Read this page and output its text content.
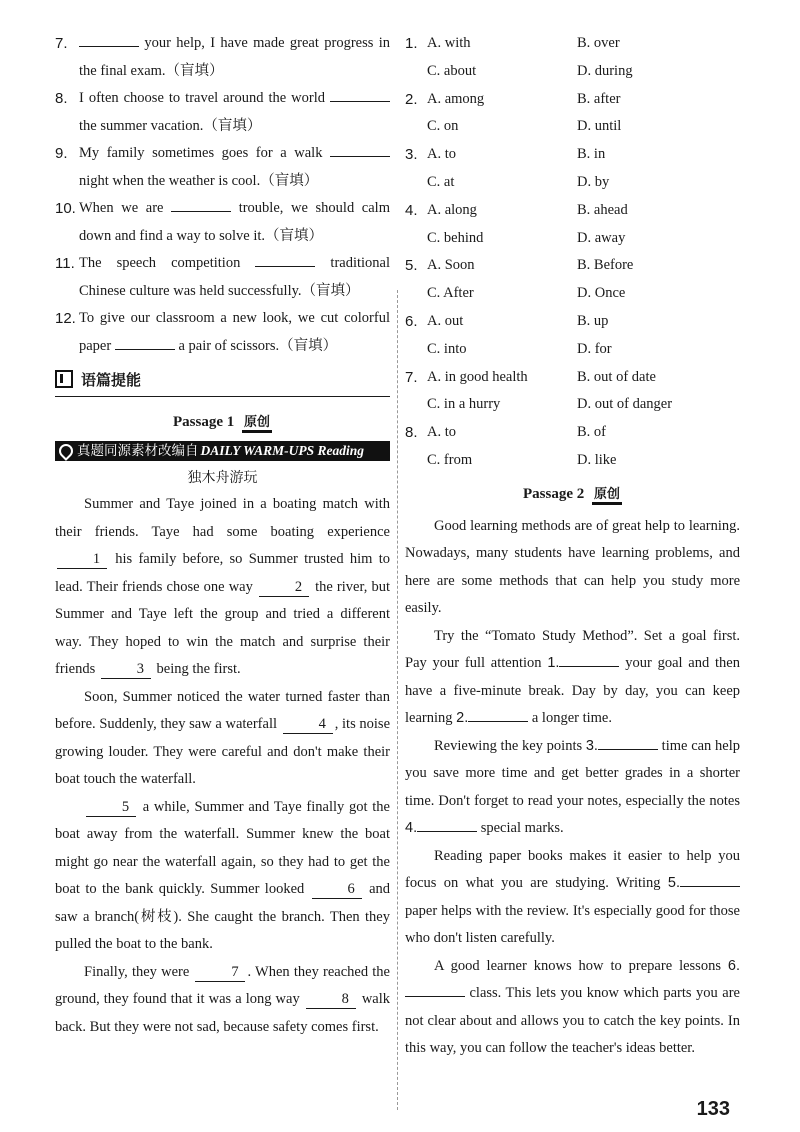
7.	your help, I have made great progress in the final exam.（盲填）
8. I often choose to travel around the world  the summer vacation.（盲填）
9. My family sometimes goes for a walk  night when the weather is cool.（盲填）
10. When we are	trouble, we should calm down and find a way to solve it.（盲填）
11. The speech competition	traditional Chinese culture was held successfully.（盲填）
12. To give our classroom a new look, we cut colorful paper	a pair of scissors.（盲填）
语篇提能
Passage 1 原创
真题同源素材改编自 DAILY WARM-UPS Reading
独木舟游玩

Summer and Taye joined in a boating match with their friends. Taye had some boating experience 1 his family before, so Summer trusted him to lead. Their friends chose one way	2 the river, but Summer and Taye left the group and tried a different way. They hoped to win the match and surprise their friends	3 being the first.

Soon, Summer noticed the water turned faster than before. Suddenly, they saw a waterfall	4 , its noise growing louder. They were careful and don't make their boat touch the waterfall.

5 a while, Summer and Taye finally got the boat away from the waterfall. Summer knew the boat might go near the waterfall again, so they had to get the boat to the bank quickly. Summer looked	6 and saw a branch(树枝). She caught the branch. Then they pulled the boat to the bank.

Finally, they were	7 . When they reached the ground, they found that it was a long way	8 walk back. But they were not sad, because safety comes first.

1. A. with	B. over
C. about	D. during
2. A. among	B. after
C. on	D. until
3. A. to	B. in
C. at	D. by
4. A. along	B. ahead
C. behind	D. away
5. A. Soon	B. Before
C. After	D. Once
6. A. out	B. up
C. into	D. for
7. A. in good health	B. out of date
C. in a hurry	D. out of danger
8. A. to	B. of
C. from	D. like
Passage 2 原创

Good learning methods are of great help to learning. Nowadays, many students have learning problems, and here are some methods that can help you study more easily.

Try the “Tomato Study Method”. Set a goal first. Pay your full attention 1.	your goal and then have a five-minute break. Day by day, you can keep learning 2.	a longer time.

Reviewing the key points 3.	time can help you save more time and get better grades in a shorter time. Don't forget to read your notes, especially the notes 4.	special marks.

Reading paper books makes it easier to help you focus on what you are studying. Writing 5. paper helps with the review. It's especially good for those who don't listen carefully.

A good learner knows how to prepare lessons 6. class. This lets you know which parts you are not clear about and allows you to catch the key points. In this way, you can follow the teacher's ideas better.

133
